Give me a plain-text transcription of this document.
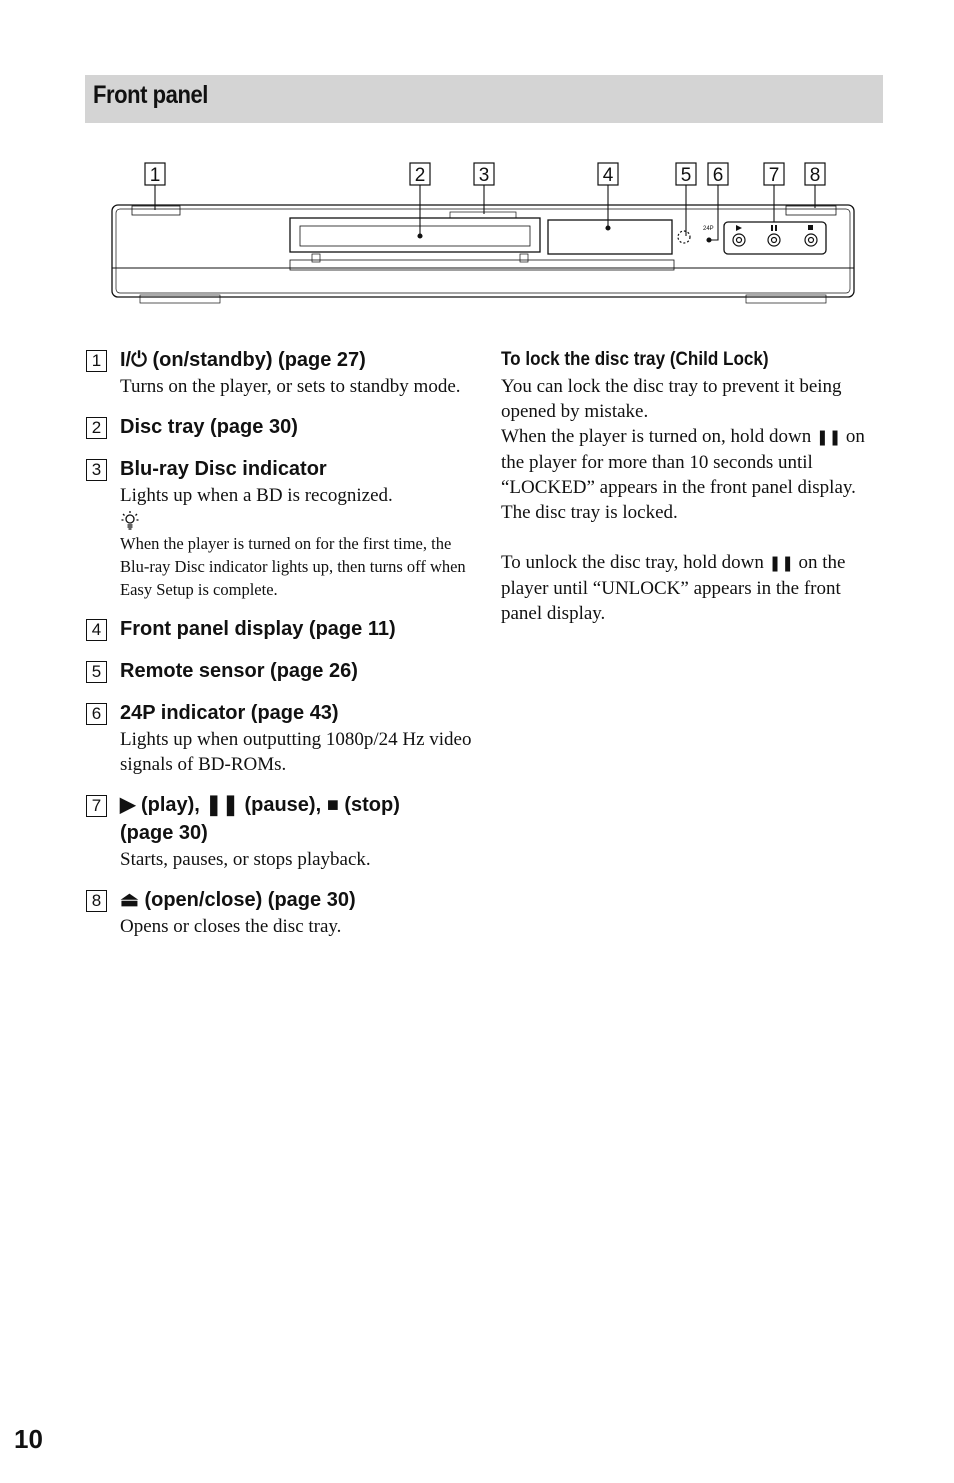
Front panel
1	2	3	4	5 6 7 8
24P
1 I/⏻ (on/standby) (page 27)
Turns on the player, or sets to standby mode.
2 Disc tray (page 30)
3 Blu-ray Disc indicator
Lights up when a BD is recognized.
When the player is turned on for the first time, the Blu-ray Disc indicator lights up, then turns off when Easy Setup is complete.
4 Front panel display (page 11)
5 Remote sensor (page 26)
6 24P indicator (page 43)
Lights up when outputting 1080p/24 Hz video signals of BD-ROMs.
7 ▶ (play), ❚❚ (pause), ■ (stop)
(page 30)
Starts, pauses, or stops playback.
8 ⏏ (open/close) (page 30)
Opens or closes the disc tray.
To lock the disc tray (Child Lock)
You can lock the disc tray to prevent it being opened by mistake.
When the player is turned on, hold down ❚❚ on the player for more than 10 seconds until “LOCKED” appears in the front panel display. The disc tray is locked.
To unlock the disc tray, hold down ❚❚ on the player until “UNLOCK” appears in the front panel display.
10
